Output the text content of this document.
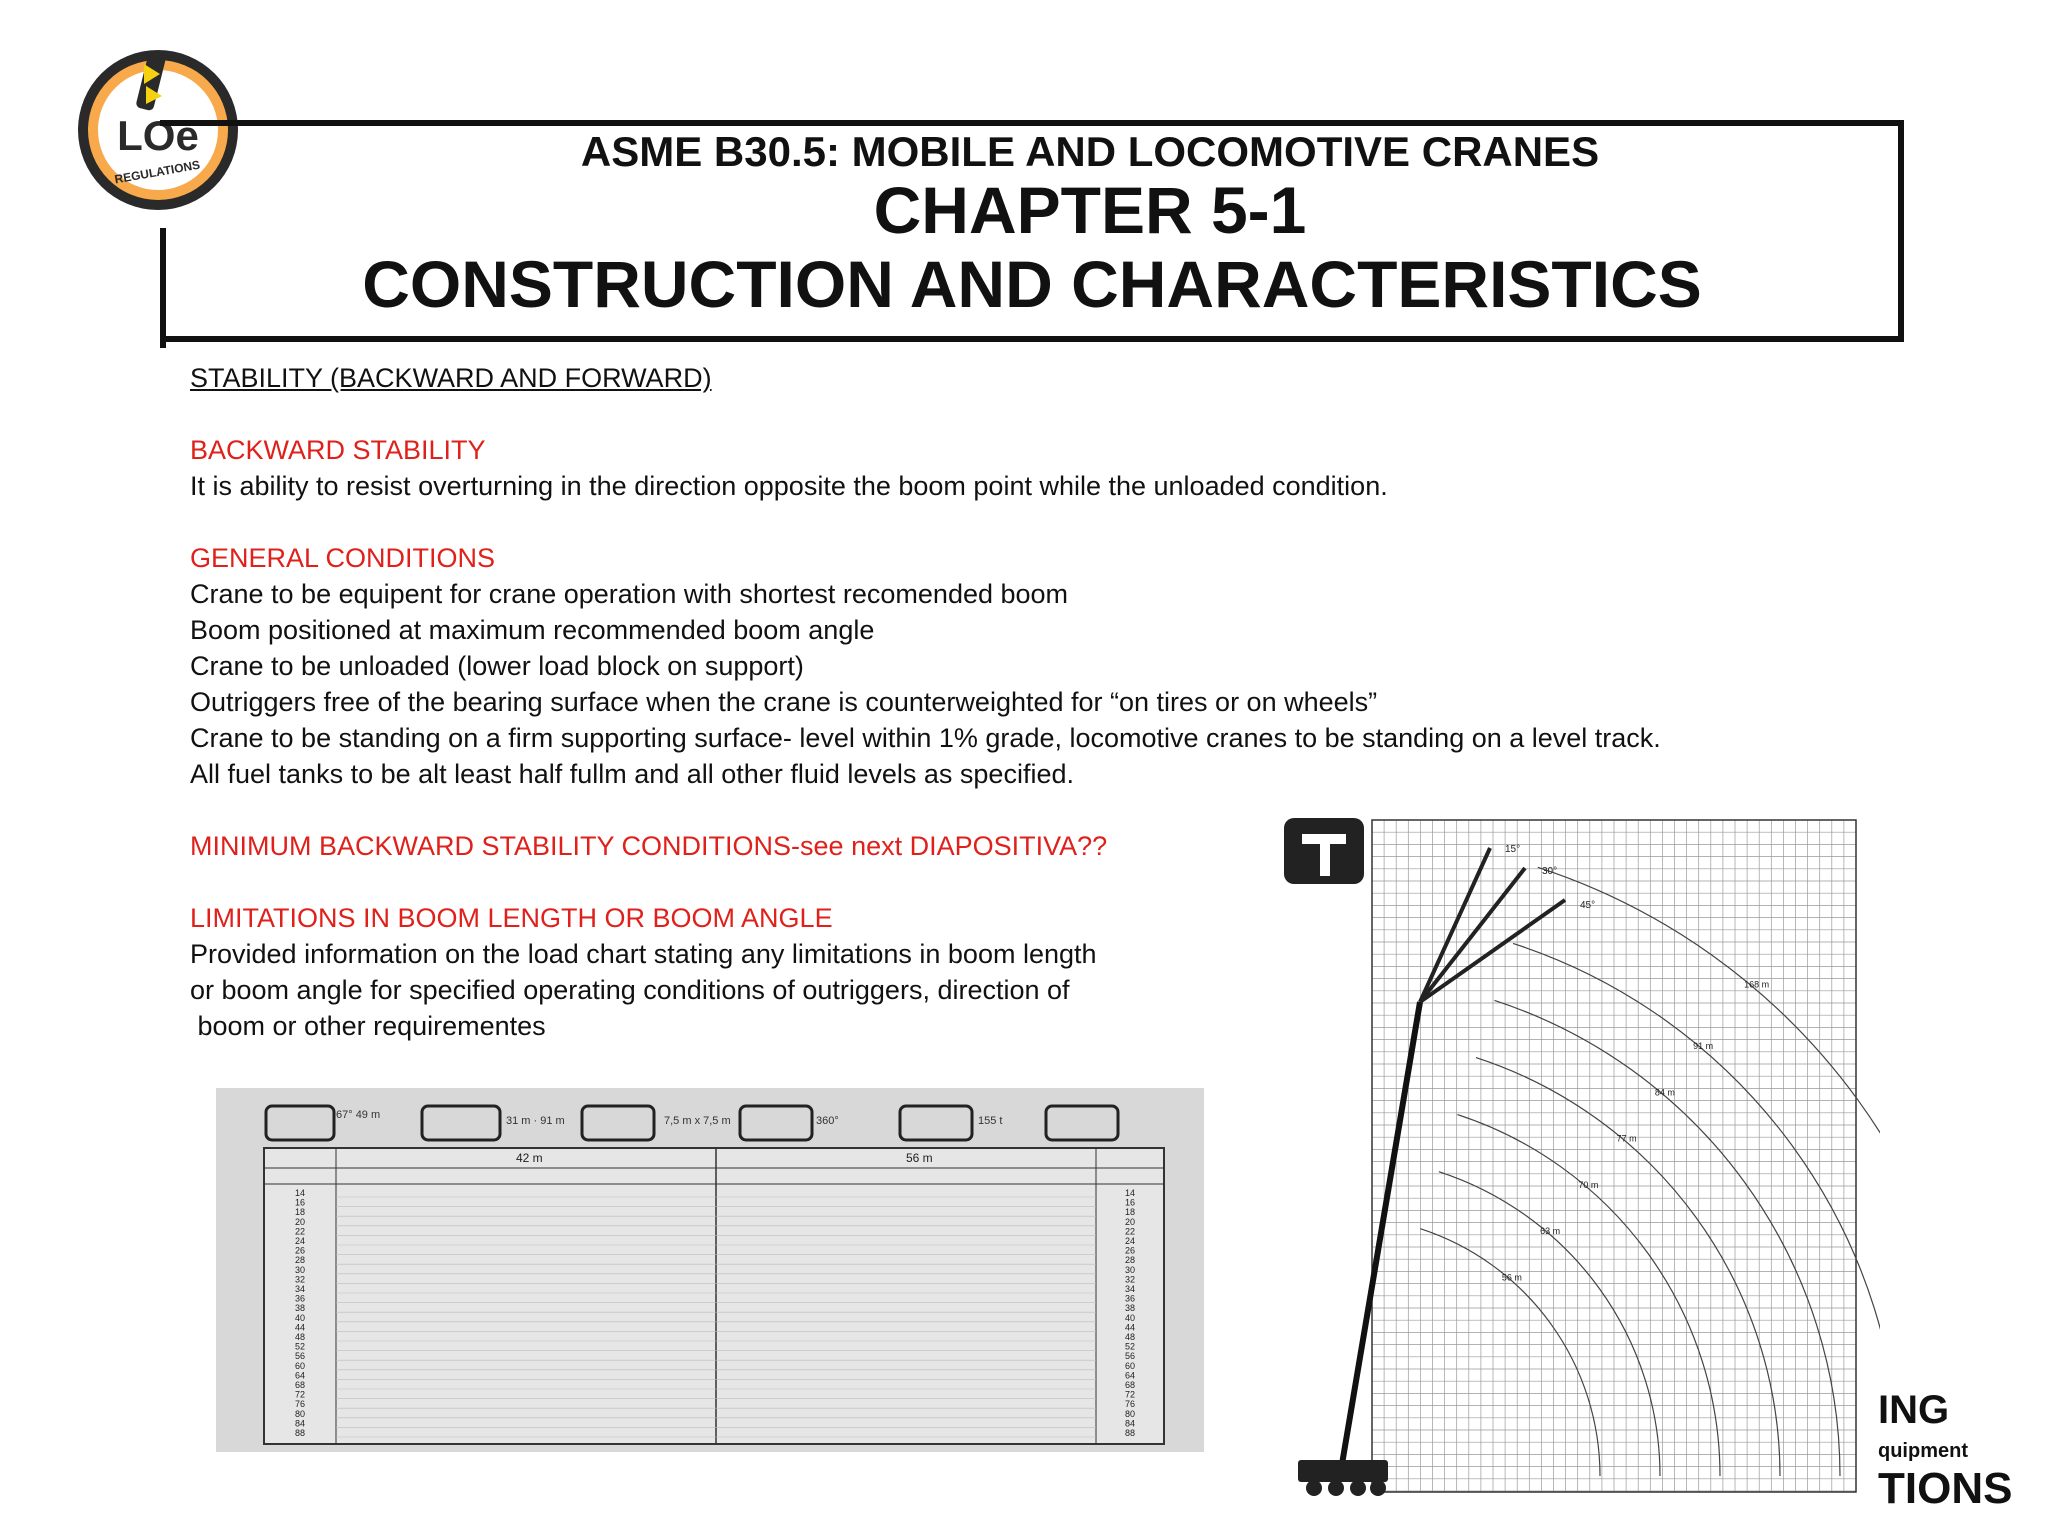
LOe
REGULATIONS	ASME B30.5: MOBILE AND LOCOMOTIVE CRANES
CHAPTER 5-1
CONSTRUCTION AND CHARACTERISTICS
STABILITY (BACKWARD AND FORWARD)
BACKWARD STABILITY
It is ability to resist overturning in the direction opposite the boom point while the unloaded condition.
GENERAL CONDITIONS
Crane to be equipent for crane operation with shortest recomended boom
Boom positioned at maximum recommended boom angle
Crane to be unloaded (lower load block on support)
Outriggers free of the bearing surface when the crane is counterweighted for “on tires or on wheels”
Crane to be standing on a firm supporting surface- level within 1% grade, locomotive cranes to be standing on a level track.
All fuel tanks to be alt least half fullm and all other fluid levels as specified.
MINIMUM BACKWARD STABILITY CONDITIONS-see next DIAPOSITIVA??
LIMITATIONS IN BOOM LENGTH OR BOOM ANGLE
Provided information on the load chart stating any limitations in boom length
or boom angle for specified operating conditions of outriggers, direction of
boom or other requirementes
67° 49 m	31 m · 91 m	7,5 m x 7,5 m	360°	155 t
42 m	56 m
14	14
16	16
18	18
20	20
22	22
24	24
26	26
28	28
30	30
32	32
34	34
36	36
38	38
40	40
44	44
48	48
52	52
56	56
60	60
64	64
68	68
72	72
76	76
80	80
84	84
88	88
168 m
91 m
84 m
77 m
70 m
63 m
56 m
15°
30°
45°
ING
quipment
TIONS
